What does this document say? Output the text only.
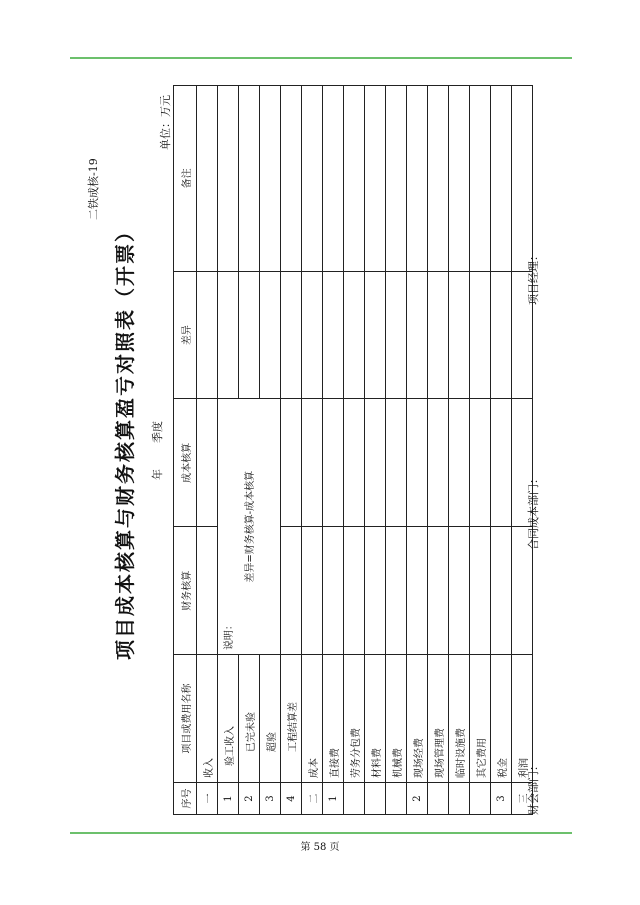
第 58 页
二铁成核-19
项目成本核算与财务核算盈亏对照表（开票） 年季度
单位：万元
序号	项目或费用名称	财务核算	成本核算	差异	备注
一	收入				
1	验工收入	说明：
差异=财务核算-成本核算			

2	已完未验				
3	超验				
4	工程结算差				
二	成本				
1	直接费				
	劳务分包费				
	材料费				
	机械费				
2	现场经费				
	现场管理费				
	临时设施费				
	其它费用				
3	税金				
三	利润				
财会部门：
合同成本部门：
项目经理：
